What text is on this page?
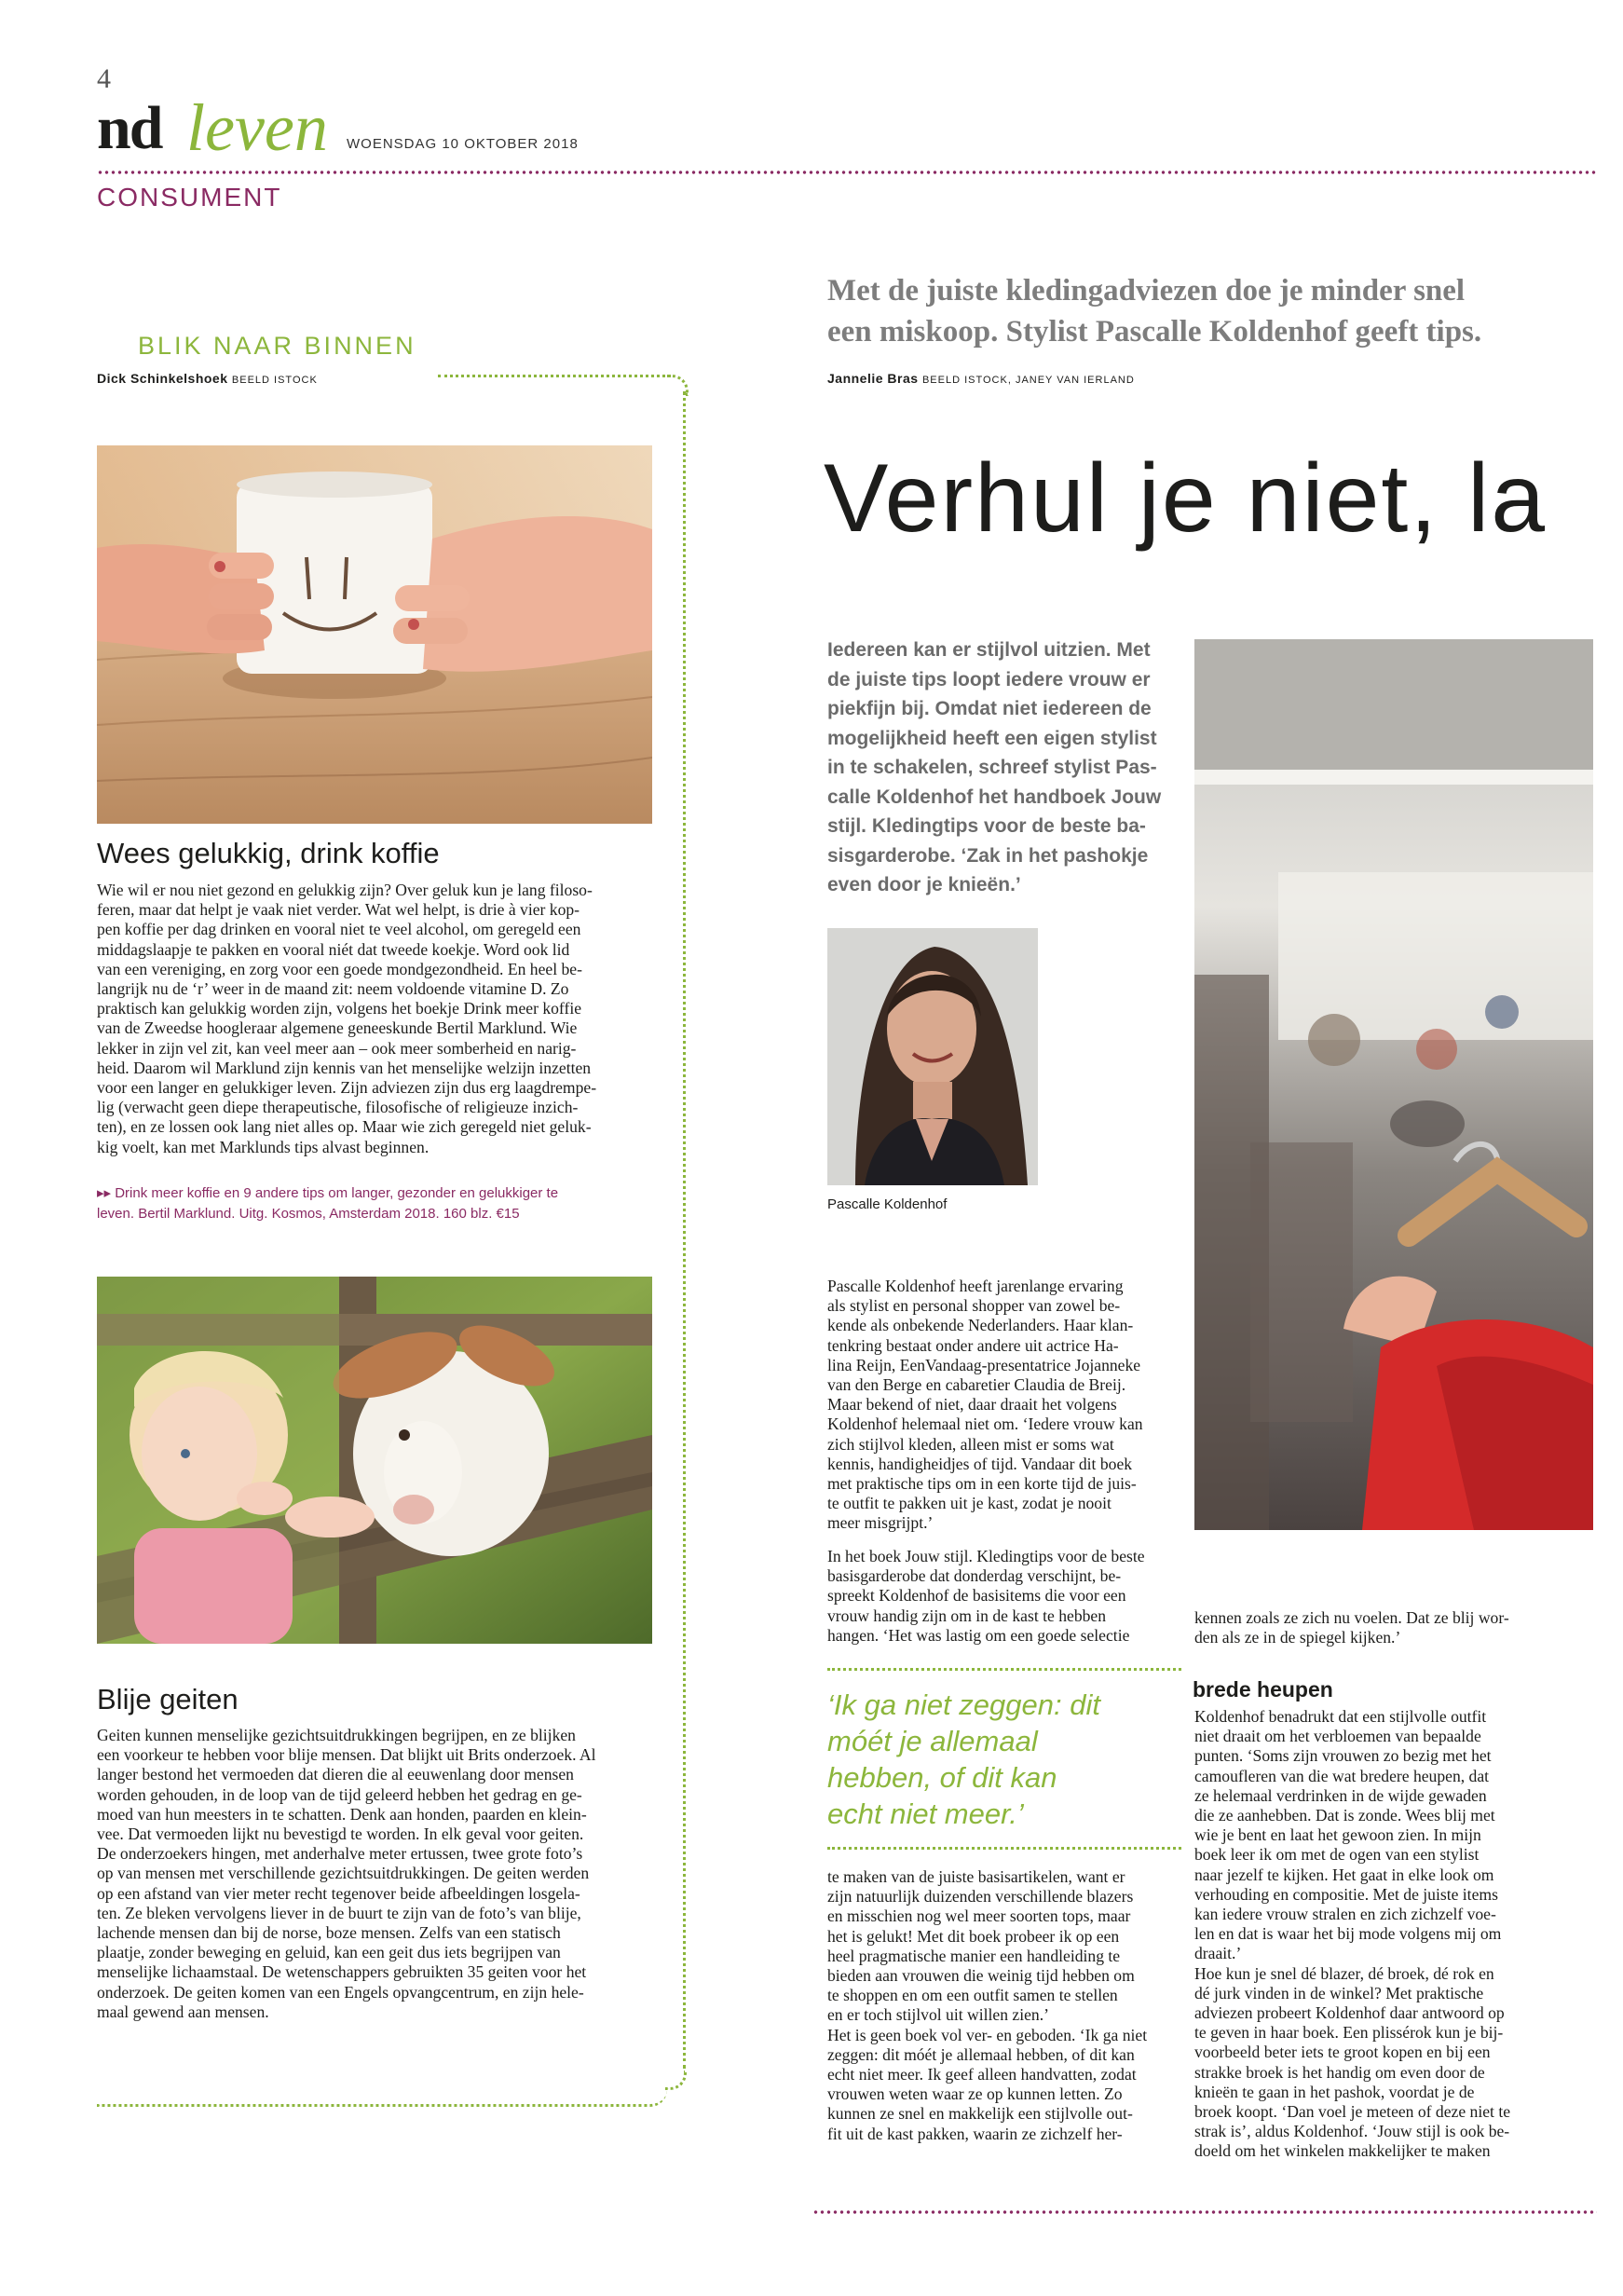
4
nd leven WOENSDAG 10 OKTOBER 2018
CONSUMENT
BLIK NAAR BINNEN
Dick Schinkelshoek BEELD ISTOCK
Wees gelukkig, drink koffie
Wie wil er nou niet gezond en gelukkig zijn? Over geluk kun je lang filoso-
feren, maar dat helpt je vaak niet verder. Wat wel helpt, is drie à vier kop-
pen koffie per dag drinken en vooral niet te veel alcohol, om geregeld een
middagslaapje te pakken en vooral niét dat tweede koekje. Word ook lid
van een vereniging, en zorg voor een goede mondgezondheid. En heel be-
langrijk nu de ‘r’ weer in de maand zit: neem voldoende vitamine D. Zo
praktisch kan gelukkig worden zijn, volgens het boekje Drink meer koffie
van de Zweedse hoogleraar algemene geneeskunde Bertil Marklund. Wie
lekker in zijn vel zit, kan veel meer aan – ook meer somberheid en narig-
heid. Daarom wil Marklund zijn kennis van het menselijke welzijn inzetten
voor een langer en gelukkiger leven. Zijn adviezen zijn dus erg laagdrempe-
lig (verwacht geen diepe therapeutische, filosofische of religieuze inzich-
ten), en ze lossen ook lang niet alles op. Maar wie zich geregeld niet geluk-
kig voelt, kan met Marklunds tips alvast beginnen.
▸▸ Drink meer koffie en 9 andere tips om langer, gezonder en gelukkiger te
leven. Bertil Marklund. Uitg. Kosmos, Amsterdam 2018. 160 blz. €15
Blije geiten
Geiten kunnen menselijke gezichtsuitdrukkingen begrijpen, en ze blijken
een voorkeur te hebben voor blije mensen. Dat blijkt uit Brits onderzoek. Al
langer bestond het vermoeden dat dieren die al eeuwenlang door mensen
worden gehouden, in de loop van de tijd geleerd hebben het gedrag en ge-
moed van hun meesters in te schatten. Denk aan honden, paarden en klein-
vee. Dat vermoeden lijkt nu bevestigd te worden. In elk geval voor geiten.
De onderzoekers hingen, met anderhalve meter ertussen, twee grote foto’s
op van mensen met verschillende gezichtsuitdrukkingen. De geiten werden
op een afstand van vier meter recht tegenover beide afbeeldingen losgela-
ten. Ze bleken vervolgens liever in de buurt te zijn van de foto’s van blije,
lachende mensen dan bij de norse, boze mensen. Zelfs van een statisch
plaatje, zonder beweging en geluid, kan een geit dus iets begrijpen van
menselijke lichaamstaal. De wetenschappers gebruikten 35 geiten voor het
onderzoek. De geiten komen van een Engels opvangcentrum, en zijn hele-
maal gewend aan mensen.
Met de juiste kledingadviezen doe je minder snel
een miskoop. Stylist Pascalle Koldenhof geeft tips.
Jannelie Bras BEELD ISTOCK, JANEY VAN IERLAND
Verhul je niet, la
Iedereen kan er stijlvol uitzien. Met
de juiste tips loopt iedere vrouw er
piekfijn bij. Omdat niet iedereen de
mogelijkheid heeft een eigen stylist
in te schakelen, schreef stylist Pas-
calle Koldenhof het handboek Jouw
stijl. Kledingtips voor de beste ba-
sisgarderobe. ‘Zak in het pashokje
even door je knieën.’
Pascalle Koldenhof
Pascalle Koldenhof heeft jarenlange ervaring
als stylist en personal shopper van zowel be-
kende als onbekende Nederlanders. Haar klan-
tenkring bestaat onder andere uit actrice Ha-
lina Reijn, EenVandaag-presentatrice Jojanneke
van den Berge en cabaretier Claudia de Breij.
Maar bekend of niet, daar draait het volgens
Koldenhof helemaal niet om. ‘Iedere vrouw kan
zich stijlvol kleden, alleen mist er soms wat
kennis, handigheidjes of tijd. Vandaar dit boek
met praktische tips om in een korte tijd de juis-
te outfit te pakken uit je kast, zodat je nooit
meer misgrijpt.’
In het boek Jouw stijl. Kledingtips voor de beste
basisgarderobe dat donderdag verschijnt, be-
spreekt Koldenhof de basisitems die voor een
vrouw handig zijn om in de kast te hebben
hangen. ‘Het was lastig om een goede selectie
‘Ik ga niet zeggen: dit
móét je allemaal
hebben, of dit kan
echt niet meer.’
te maken van de juiste basisartikelen, want er
zijn natuurlijk duizenden verschillende blazers
en misschien nog wel meer soorten tops, maar
het is gelukt! Met dit boek probeer ik op een
heel pragmatische manier een handleiding te
bieden aan vrouwen die weinig tijd hebben om
te shoppen en om een outfit samen te stellen
en er toch stijlvol uit willen zien.’
Het is geen boek vol ver- en geboden. ‘Ik ga niet
zeggen: dit móét je allemaal hebben, of dit kan
echt niet meer. Ik geef alleen handvatten, zodat
vrouwen weten waar ze op kunnen letten. Zo
kunnen ze snel en makkelijk een stijlvolle out-
fit uit de kast pakken, waarin ze zichzelf her-
kennen zoals ze zich nu voelen. Dat ze blij wor-
den als ze in de spiegel kijken.’
brede heupen
Koldenhof benadrukt dat een stijlvolle outfit
niet draait om het verbloemen van bepaalde
punten. ‘Soms zijn vrouwen zo bezig met het
camoufleren van die wat bredere heupen, dat
ze helemaal verdrinken in de wijde gewaden
die ze aanhebben. Dat is zonde. Wees blij met
wie je bent en laat het gewoon zien. In mijn
boek leer ik om met de ogen van een stylist
naar jezelf te kijken. Het gaat in elke look om
verhouding en compositie. Met de juiste items
kan iedere vrouw stralen en zich zichzelf voe-
len en dat is waar het bij mode volgens mij om
draait.’
Hoe kun je snel dé blazer, dé broek, dé rok en
dé jurk vinden in de winkel? Met praktische
adviezen probeert Koldenhof daar antwoord op
te geven in haar boek. Een plissérok kun je bij-
voorbeeld beter iets te groot kopen en bij een
strakke broek is het handig om even door de
knieën te gaan in het pashok, voordat je de
broek koopt. ‘Dan voel je meteen of deze niet te
strak is’, aldus Koldenhof. ‘Jouw stijl is ook be-
doeld om het winkelen makkelijker te maken
